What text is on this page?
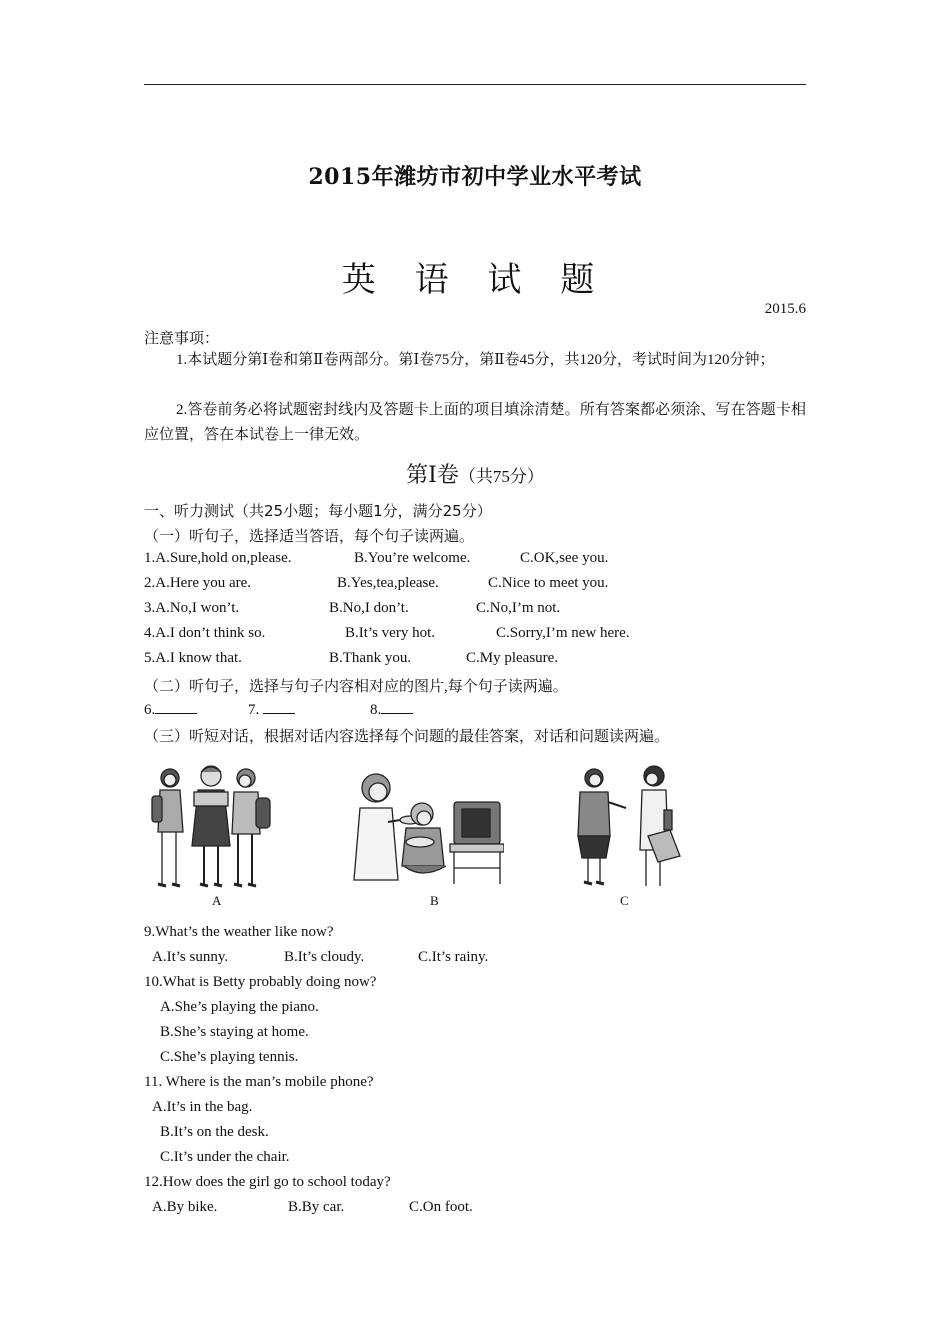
2015年潍坊市初中学业水平考试
英 语 试 题
2015.6
注意事项：
1.本试题分第Ⅰ卷和第Ⅱ卷两部分。第Ⅰ卷75分，第Ⅱ卷45分，共120分，考试时间为120分钟；
2.答卷前务必将试题密封线内及答题卡上面的项目填涂清楚。所有答案都必须涂、写在答题卡相应位置，答在本试卷上一律无效。
第Ⅰ卷（共75分）
一、听力测试（共25小题；每小题1分，满分25分）
（一）听句子，选择适当答语，每个句子读两遍。
1.A.Sure,hold on,please.	B.You’re welcome.	C.OK,see you.
2.A.Here you are.	B.Yes,tea,please.	C.Nice to meet you.
3.A.No,I won’t.	B.No,I don’t.	C.No,I’m not.
4.A.I don’t think so.	B.It’s very hot.	C.Sorry,I’m new here.
5.A.I know that.	B.Thank you.	C.My pleasure.
（二）听句子，选择与句子内容相对应的图片,每个句子读两遍。
6.	7.	8.
（三）听短对话，根据对话内容选择每个问题的最佳答案，对话和问题读两遍。
A	B	C
9.What’s the weather like now?
A.It’s sunny.	B.It’s cloudy.	C.It’s rainy.
10.What is Betty probably doing now?
A.She’s playing the piano.
B.She’s staying at home.
C.She’s playing tennis.
11. Where is the man’s mobile phone?
A.It’s in the bag.
B.It’s on the desk.
C.It’s under the chair.
12.How does the girl go to school today?
A.By bike.	B.By car.	C.On foot.
